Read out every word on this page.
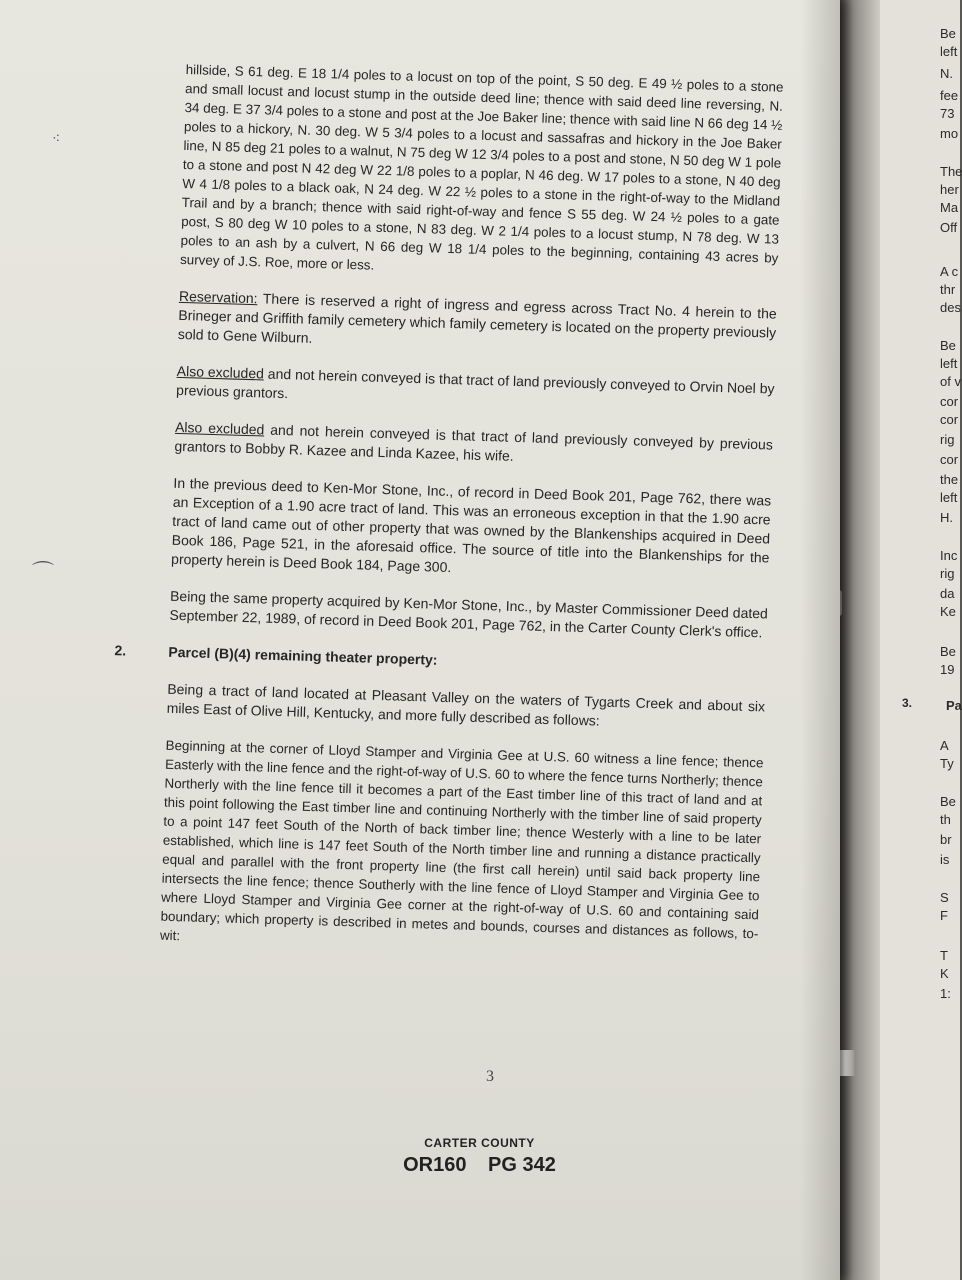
Be
left
N.
fee
73
mo
The
her
Ma
Off
A c
thr
des
Be
left
of v
cor
cor
rig
cor
the
left
H.
Inc
rig
da
Ke
Be
19
Pa
A
Ty
Be
th
br
is
S
F
T
K
1:
3.
⌒
⁖

hillside, S 61 deg. E 18 1/4 poles to a locust on top of the point, S 50 deg. E 49 ½ poles to a stone and small locust and locust stump in the outside deed line; thence with said deed line reversing, N. 34 deg. E 37 3/4 poles to a stone and post at the Joe Baker line; thence with said line N 66 deg 14 ½ poles to a hickory, N. 30 deg. W 5 3/4 poles to a locust and sassafras and hickory in the Joe Baker line, N 85 deg 21 poles to a walnut, N 75 deg W 12 3/4 poles to a post and stone, N 50 deg W 1 pole to a stone and post N 42 deg W 22 1/8 poles to a poplar, N 46 deg. W 17 poles to a stone, N 40 deg W 4 1/8 poles to a black oak, N 24 deg. W 22 ½ poles to a stone in the right-of-way to the Midland Trail and by a branch; thence with said right-of-way and fence S 55 deg. W 24 ½ poles to a gate post, S 80 deg W 10 poles to a stone, N 83 deg. W 2 1/4 poles to a locust stump, N 78 deg. W 13 poles to an ash by a culvert, N 66 deg W 18 1/4 poles to the beginning, containing 43 acres by survey of J.S. Roe, more or less.

Reservation: There is reserved a right of ingress and egress across Tract No. 4 herein to the Brineger and Griffith family cemetery which family cemetery is located on the property previously sold to Gene Wilburn.

Also excluded and not herein conveyed is that tract of land previously conveyed to Orvin Noel by previous grantors.

Also excluded and not herein conveyed is that tract of land previously conveyed by previous grantors to Bobby R. Kazee and Linda Kazee, his wife.

In the previous deed to Ken-Mor Stone, Inc., of record in Deed Book 201, Page 762, there was an Exception of a 1.90 acre tract of land. This was an erroneous exception in that the 1.90 acre tract of land came out of other property that was owned by the Blankenships acquired in Deed Book 186, Page 521, in the aforesaid office. The source of title into the Blankenships for the property herein is Deed Book 184, Page 300.

Being the same property acquired by Ken-Mor Stone, Inc., by Master Commissioner Deed dated September 22, 1989, of record in Deed Book 201, Page 762, in the Carter County Clerk's office.

2.	Parcel (B)(4) remaining theater property:

Being a tract of land located at Pleasant Valley on the waters of Tygarts Creek and about six miles East of Olive Hill, Kentucky, and more fully described as follows:

Beginning at the corner of Lloyd Stamper and Virginia Gee at U.S. 60 witness a line fence; thence Easterly with the line fence and the right-of-way of U.S. 60 to where the fence turns Northerly; thence Northerly with the line fence till it becomes a part of the East timber line of this tract of land and at this point following the East timber line and continuing Northerly with the timber line of said property to a point 147 feet South of the North of back timber line; thence Westerly with a line to be later established, which line is 147 feet South of the North timber line and running a distance practically equal and parallel with the front property line (the first call herein) until said back property line intersects the line fence; thence Southerly with the line fence of Lloyd Stamper and Virginia Gee to where Lloyd Stamper and Virginia Gee corner at the right-of-way of U.S. 60 and containing said boundary; which property is described in metes and bounds, courses and distances as follows, to-wit:

3
CARTER COUNTY
OR160 PG 342
